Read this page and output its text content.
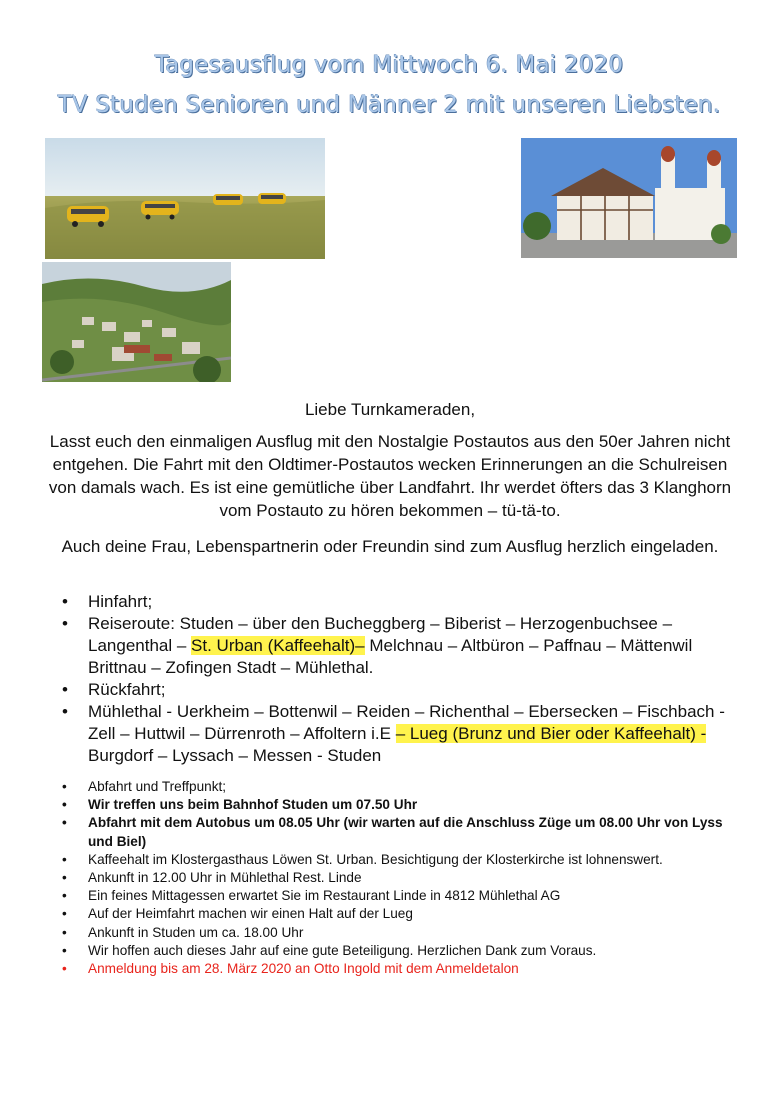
Tagesausflug vom Mittwoch 6. Mai 2020
TV Studen Senioren und Männer 2 mit unseren Liebsten.
Liebe Turnkameraden,
Lasst euch den einmaligen Ausflug mit den Nostalgie Postautos aus den 50er Jahren nicht entgehen. Die Fahrt mit den Oldtimer-Postautos wecken Erinnerungen an die Schulreisen von damals wach. Es ist eine gemütliche über Landfahrt. Ihr werdet öfters das 3 Klanghorn vom Postauto zu hören bekommen – tü-tä-to.
Auch deine Frau, Lebenspartnerin oder Freundin sind zum Ausflug herzlich eingeladen.
• Hinfahrt;
• Reiseroute: Studen – über den Bucheggberg – Biberist – Herzogenbuchsee – Langenthal – St. Urban (Kaffeehalt)– Melchnau – Altbüron – Paffnau – Mättenwil Brittnau – Zofingen Stadt – Mühlethal.
• Rückfahrt;
• Mühlethal - Uerkheim – Bottenwil – Reiden – Richenthal – Ebersecken – Fischbach - Zell – Huttwil – Dürrenroth – Affoltern i.E – Lueg (Brunz und Bier oder Kaffeehalt) - Burgdorf – Lyssach – Messen - Studen
• Abfahrt und Treffpunkt;
• Wir treffen uns beim Bahnhof Studen um 07.50 Uhr
• Abfahrt mit dem Autobus um 08.05 Uhr (wir warten auf die Anschluss Züge um 08.00 Uhr von Lyss und Biel)
• Kaffeehalt im Klostergasthaus Löwen St. Urban. Besichtigung der Klosterkirche ist lohnenswert.
• Ankunft in 12.00 Uhr in Mühlethal Rest. Linde
• Ein feines Mittagessen erwartet Sie im Restaurant Linde in 4812 Mühlethal AG
• Auf der Heimfahrt machen wir einen Halt auf der Lueg
• Ankunft in Studen um ca. 18.00 Uhr
• Wir hoffen auch dieses Jahr auf eine gute Beteiligung. Herzlichen Dank zum Voraus.
• Anmeldung bis am 28. März 2020 an Otto Ingold mit dem Anmeldetalon
